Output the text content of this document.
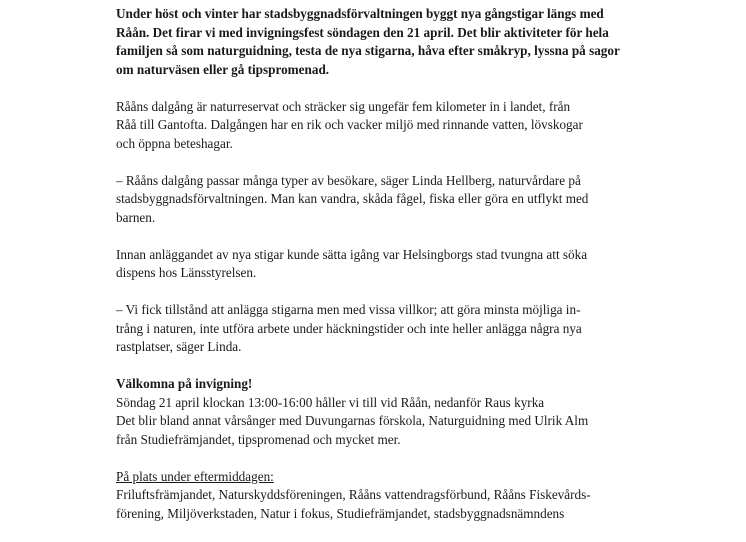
Under höst och vinter har stadsbyggnadsförvaltningen byggt nya gångstigar längs med
Råån. Det firar vi med invigningsfest söndagen den 21 april. Det blir aktiviteter för hela
familjen så som naturguidning, testa de nya stigarna, håva efter småkryp, lyssna på sagor
om naturväsen eller gå tipspromenad.

Rååns dalgång är naturreservat och sträcker sig ungefär fem kilometer in i landet, från
Råå till Gantofta. Dalgången har en rik och vacker miljö med rinnande vatten, lövskogar
och öppna beteshagar.

– Rååns dalgång passar många typer av besökare, säger Linda Hellberg, naturvårdare på
stadsbyggnadsförvaltningen. Man kan vandra, skåda fågel, fiska eller göra en utflykt med
barnen.

Innan anläggandet av nya stigar kunde sätta igång var Helsingborgs stad tvungna att söka
dispens hos Länsstyrelsen.

– Vi fick tillstånd att anlägga stigarna men med vissa villkor; att göra minsta möjliga in-
trång i naturen, inte utföra arbete under häckningstider och inte heller anlägga några nya
rastplatser, säger Linda.

Välkomna på invigning!
Söndag 21 april klockan 13:00-16:00 håller vi till vid Råån, nedanför Raus kyrka
Det blir bland annat vårsånger med Duvungarnas förskola, Naturguidning med Ulrik Alm
från Studiefrämjandet, tipspromenad och mycket mer.

På plats under eftermiddagen:
Friluftsfrämjandet, Naturskyddsföreningen, Rååns vattendragsförbund, Rååns Fiskevårds-
förening, Miljöverkstaden, Natur i fokus, Studiefrämjandet, stadsbyggnadsnämndens
